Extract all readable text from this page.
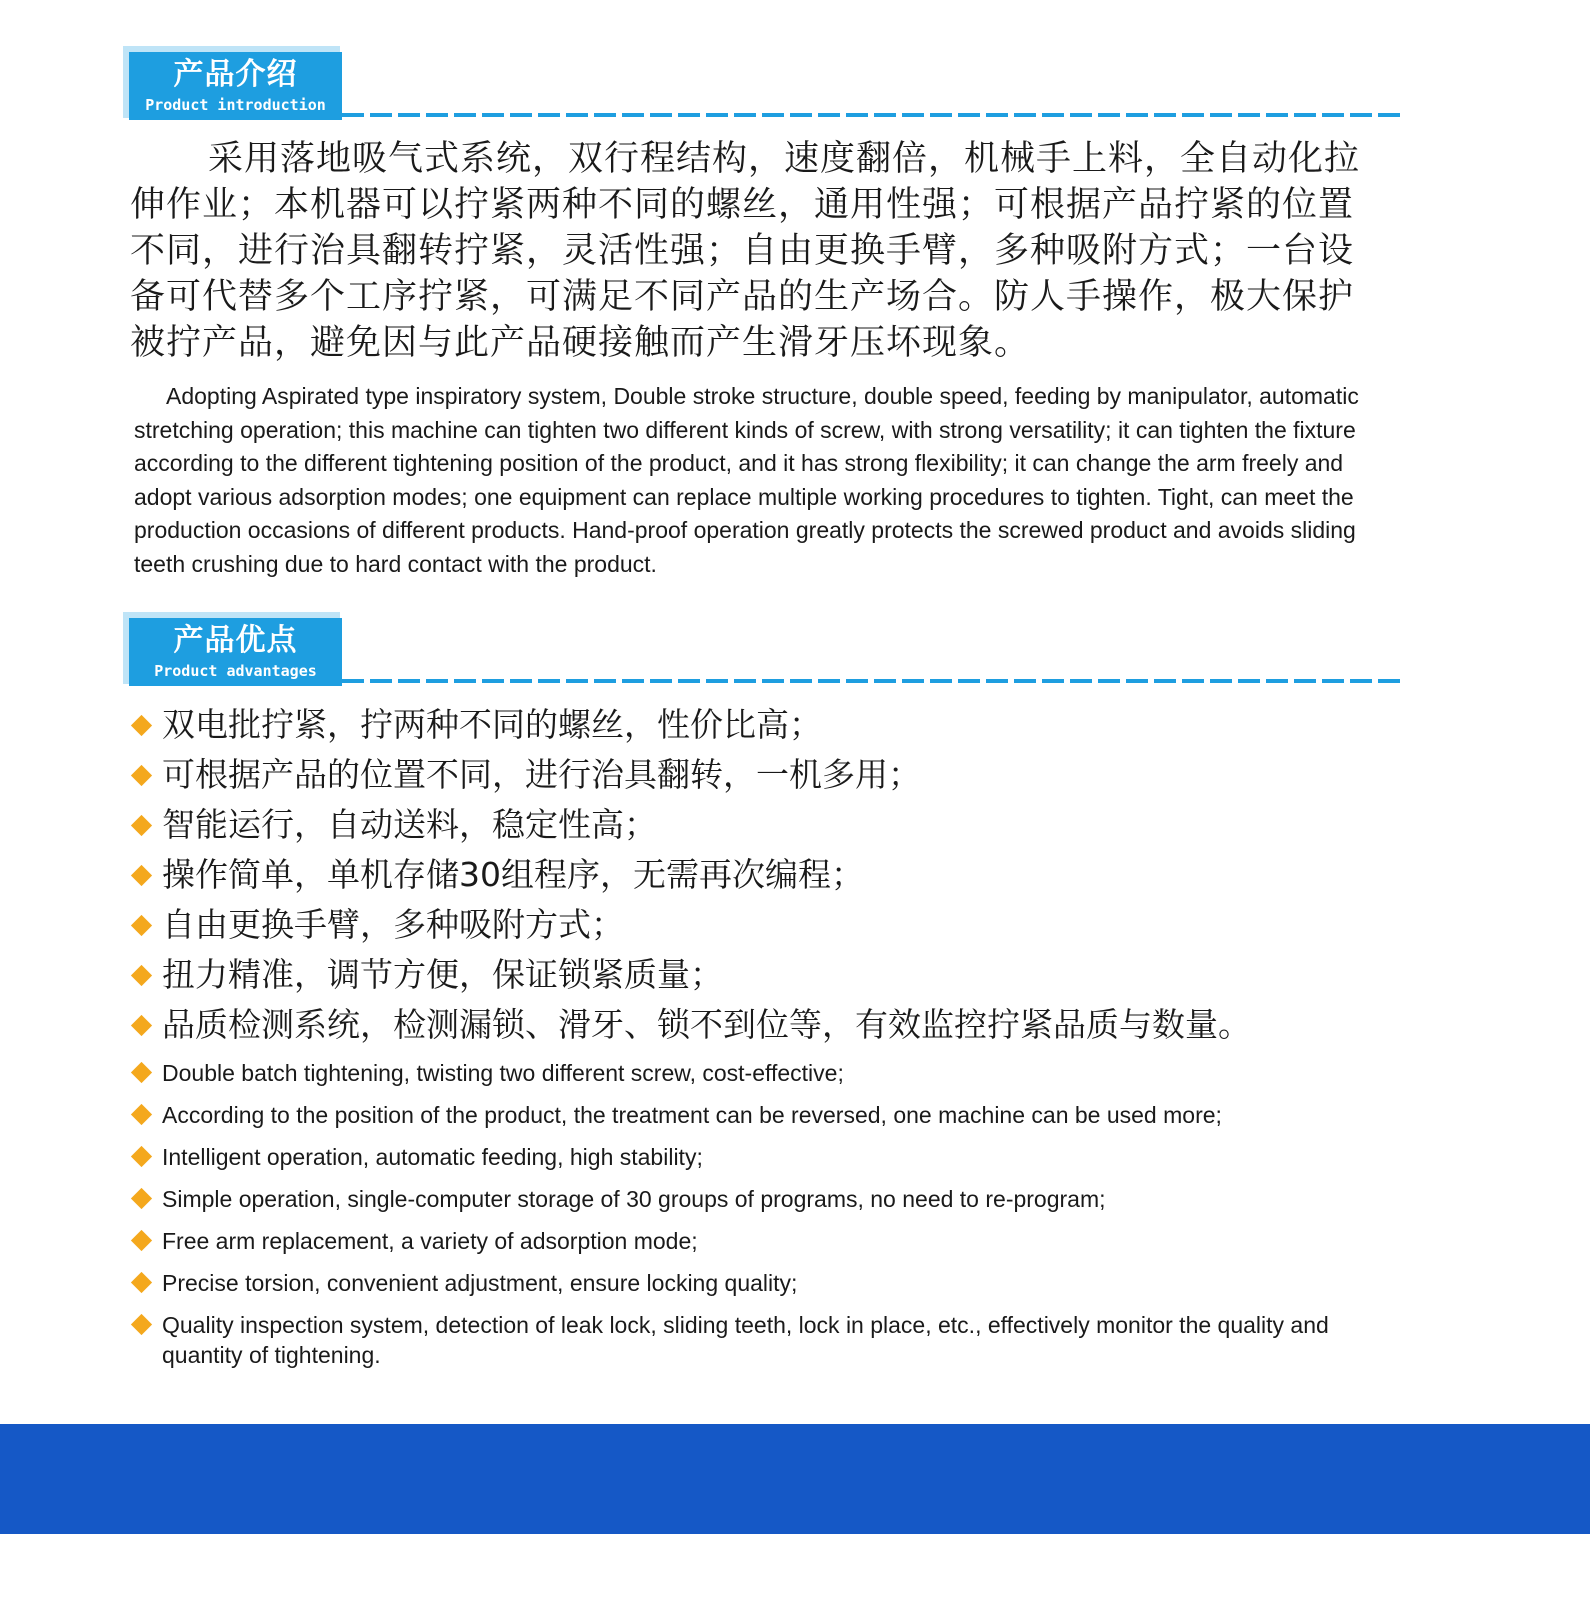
产品介绍
Product introduction

采用落地吸气式系统，双行程结构，速度翻倍，机械手上料，全自动化拉伸作业；本机器可以拧紧两种不同的螺丝，通用性强；可根据产品拧紧的位置不同，进行治具翻转拧紧，灵活性强；自由更换手臂，多种吸附方式；一台设备可代替多个工序拧紧，可满足不同产品的生产场合。防人手操作，极大保护被拧产品，避免因与此产品硬接触而产生滑牙压坏现象。

Adopting Aspirated type inspiratory system, Double stroke structure, double speed, feeding by manipulator, automatic stretching operation; this machine can tighten two different kinds of screw, with strong versatility; it can tighten the fixture according to the different tightening position of the product, and it has strong flexibility; it can change the arm freely and adopt various adsorption modes; one equipment can replace multiple working procedures to tighten. Tight, can meet the production occasions of different products. Hand-proof operation greatly protects the screwed product and avoids sliding teeth crushing due to hard contact with the product.

产品优点
Product advantages
双电批拧紧，拧两种不同的螺丝，性价比高；
可根据产品的位置不同，进行治具翻转，一机多用；
智能运行，自动送料，稳定性高；
操作简单，单机存储30组程序，无需再次编程；
自由更换手臂，多种吸附方式；
扭力精准，调节方便，保证锁紧质量；
品质检测系统，检测漏锁、滑牙、锁不到位等，有效监控拧紧品质与数量。
Double batch tightening, twisting two different screw, cost-effective;
According to the position of the product, the treatment can be reversed, one machine can be used more;
Intelligent operation, automatic feeding, high stability;
Simple operation, single-computer storage of 30 groups of programs, no need to re-program;
Free arm replacement, a variety of adsorption mode;
Precise torsion, convenient adjustment, ensure locking quality;
Quality inspection system, detection of leak lock, sliding teeth, lock in place, etc., effectively monitor the quality and quantity of tightening.
